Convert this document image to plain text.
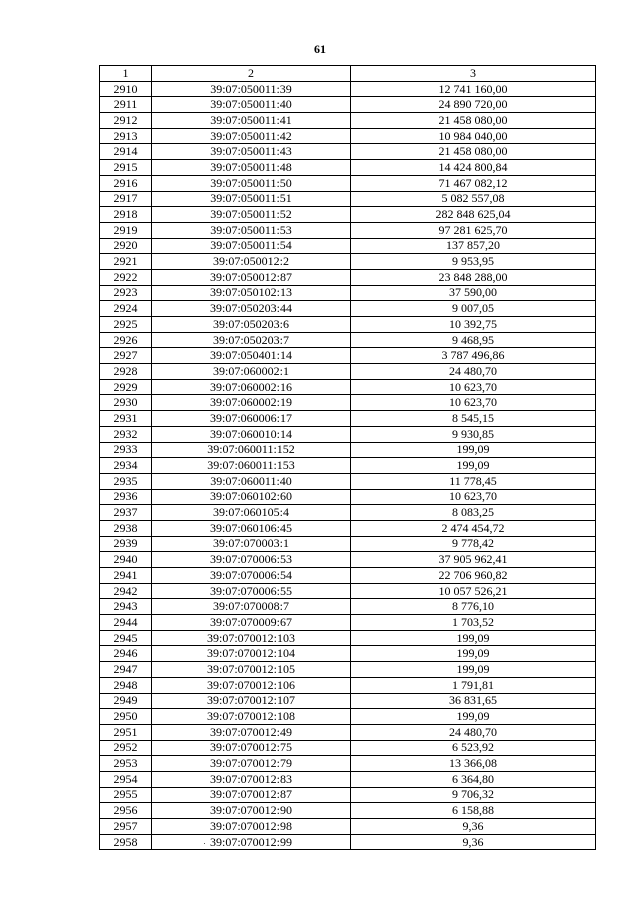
61
1	2	3
2910	39:07:050011:39	12 741 160,00
2911	39:07:050011:40	24 890 720,00
2912	39:07:050011:41	21 458 080,00
2913	39:07:050011:42	10 984 040,00
2914	39:07:050011:43	21 458 080,00
2915	39:07:050011:48	14 424 800,84
2916	39:07:050011:50	71 467 082,12
2917	39:07:050011:51	5 082 557,08
2918	39:07:050011:52	282 848 625,04
2919	39:07:050011:53	97 281 625,70
2920	39:07:050011:54	137 857,20
2921	39:07:050012:2	9 953,95
2922	39:07:050012:87	23 848 288,00
2923	39:07:050102:13	37 590,00
2924	39:07:050203:44	9 007,05
2925	39:07:050203:6	10 392,75
2926	39:07:050203:7	9 468,95
2927	39:07:050401:14	3 787 496,86
2928	39:07:060002:1	24 480,70
2929	39:07:060002:16	10 623,70
2930	39:07:060002:19	10 623,70
2931	39:07:060006:17	8 545,15
2932	39:07:060010:14	9 930,85
2933	39:07:060011:152	199,09
2934	39:07:060011:153	199,09
2935	39:07:060011:40	11 778,45
2936	39:07:060102:60	10 623,70
2937	39:07:060105:4	8 083,25
2938	39:07:060106:45	2 474 454,72
2939	39:07:070003:1	9 778,42
2940	39:07:070006:53	37 905 962,41
2941	39:07:070006:54	22 706 960,82
2942	39:07:070006:55	10 057 526,21
2943	39:07:070008:7	8 776,10
2944	39:07:070009:67	1 703,52
2945	39:07:070012:103	199,09
2946	39:07:070012:104	199,09
2947	39:07:070012:105	199,09
2948	39:07:070012:106	1 791,81
2949	39:07:070012:107	36 831,65
2950	39:07:070012:108	199,09
2951	39:07:070012:49	24 480,70
2952	39:07:070012:75	6 523,92
2953	39:07:070012:79	13 366,08
2954	39:07:070012:83	6 364,80
2955	39:07:070012:87	9 706,32
2956	39:07:070012:90	6 158,88
2957	39:07:070012:98	9,36
2958	39:07:070012:99	9,36
